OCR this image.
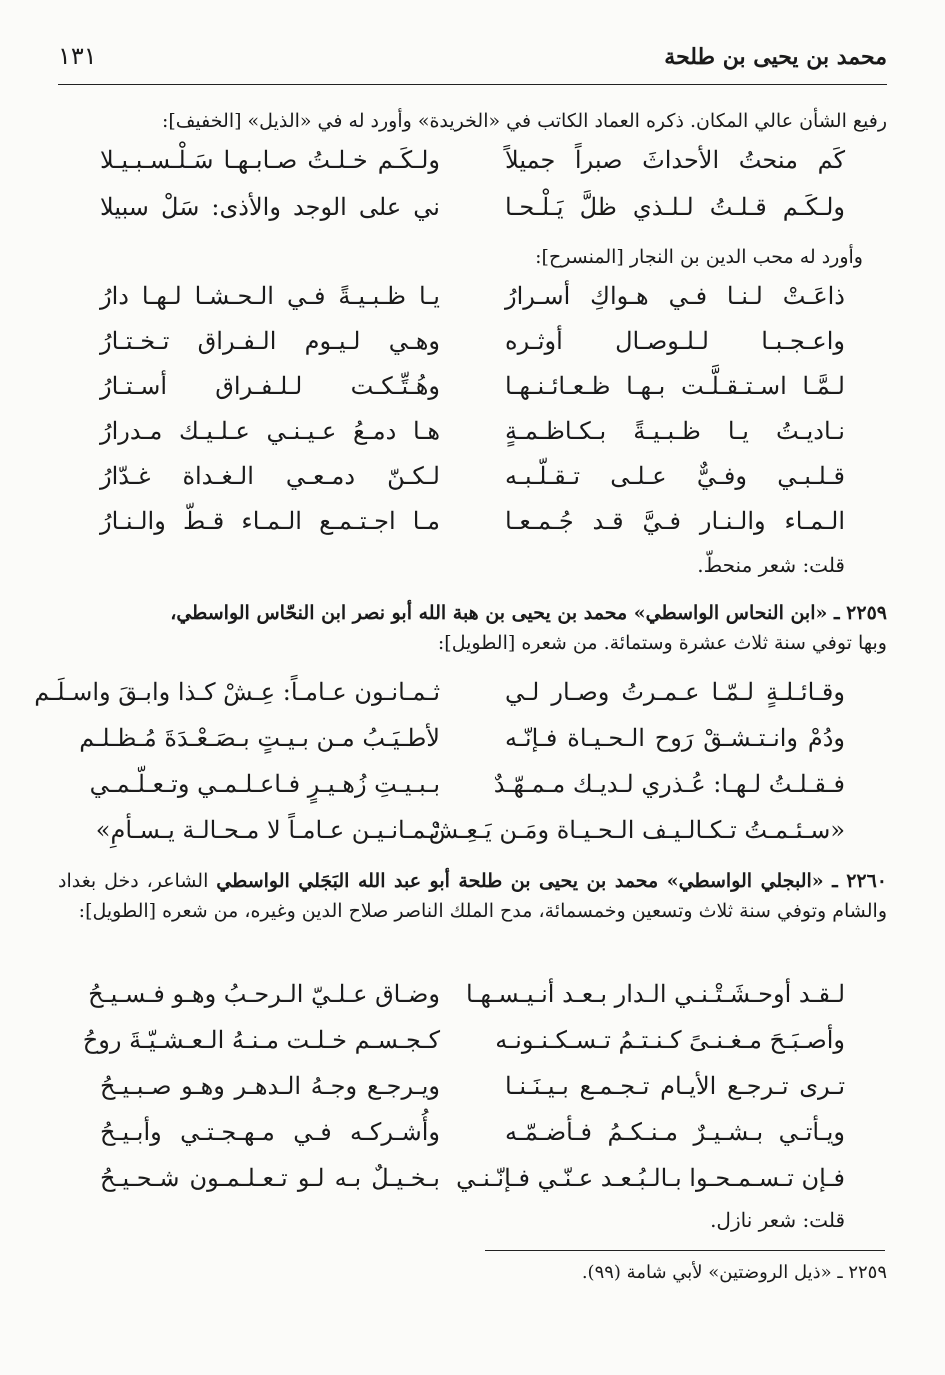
محمد بن يحيى بن طلحة
١٣١
رفيع الشأن عالي المكان. ذكره العماد الكاتب في «الخريدة» وأورد له في «الذيل» [الخفيف]:
كَم منحتُ الأحداثَ صبراً جميلاً
ولـكَـم خـلـتُ صـابـهـا سَـلْـسـبـيـلا
ولـكَـم قـلـتُ لـلـذي ظلَّ يَـلْـحـا
ني على الوجد والأذى: سَلْ سبيلا
وأورد له محب الدين بن النجار [المنسرح]:
ذاعَـتْ لـنـا فـي هـواكِ أسـرارُ
يـا ظـبـيـةً فـي الـحـشـا لـهـا دارُ
واعـجـبـا لـلـوصـال أوثـره
وهـي لـيـوم الـفـراق تـخـتـارُ
لـمَّـا اسـتـقـلَّـت بـهـا ظـعـائـنـهـا
وهُـتِّـكـت لـلـفـراق أسـتـارُ
نـاديـتُ يـا ظـبـيـةً بـكـاظـمـةٍ
هـا دمـعُ عـيـنـي عـلـيـك مـدرارُ
قـلـبـي وفـيٌّ عـلـى تـقـلّـبـه
لـكـنّ دمـعـي الـغـداة غـدّارُ
الـمـاء والـنـار فـيَّ قـد جُـمـعـا
مـا اجـتـمـع الـمـاء قـطّ والـنـارُ
قلت: شعر منحطّ.
٢٢٥٩ ـ «ابن النحاس الواسطي» محمد بن يحيى بن هبة الله أبو نصر ابن النحّاس الواسطي،
وبها توفي سنة ثلاث عشرة وستمائة. من شعره [الطويل]:
وقـائـلـةٍ لـمّـا عـمـرتُ وصـار لـي
ثـمـانـون عـامـاً: عِـشْ كـذا وابـقَ واسـلَـم
ودُمْ وانـتـشـقْ رَوح الـحـيـاة فـإنّـه
لأطـيَـبُ مـن بـيـتٍ بـصَـعْـدَةَ مُـظـلـم
فـقـلـتُ لـهـا: عُـذري لـديـك مـمـهّـدٌ
بـبـيـتِ زُهـيـرٍ فـاعـلـمـي وتـعـلّـمـي
«سـئـمـتُ تـكـالـيـف الـحـيـاة ومَـن يَـعِـشْ
ثـمـانـيـن عـامـاً لا مـحـالـة يـسـأمِ»
٢٢٦٠ ـ «البجلي الواسطي» محمد بن يحيى بن طلحة أبو عبد الله البَجَلي الواسطي الشاعر، دخل بغداد والشام وتوفي سنة ثلاث وتسعين وخمسمائة، مدح الملك الناصر صلاح الدين وغيره، من شعره [الطويل]:
لـقـد أوحـشَـتْـنـي الـدار بـعـد أنـيـسـهـا
وضـاق عـلـيّ الـرحـبُ وهـو فـسـيـحُ
وأصـبَـحَ مـغـنـىً كـنـتـمُ تـسـكـنـونـه
كـجـسـم خـلـت مـنـهُ الـعـشـيّـةَ روحُ
تـرى تـرجـع الأيـام تـجـمـع بـيـنَـنـا
ويـرجـع وجـهُ الـدهـر وهـو صـبـيـحُ
ويـأتـي بـشـيـرٌ مـنـكـمُ فـأضـمّـه
وأُشـركـه فـي مـهـجـتـي وأبـيـحُ
فـإن تـسـمـحـوا بـالـبُـعـد عـنّـي فـإنّـنـي
بـخـيـلٌ بـه لـو تـعـلـمـون شـحـيـحُ
قلت: شعر نازل.
٢٢٥٩ ـ «ذيل الروضتين» لأبي شامة (٩٩).
